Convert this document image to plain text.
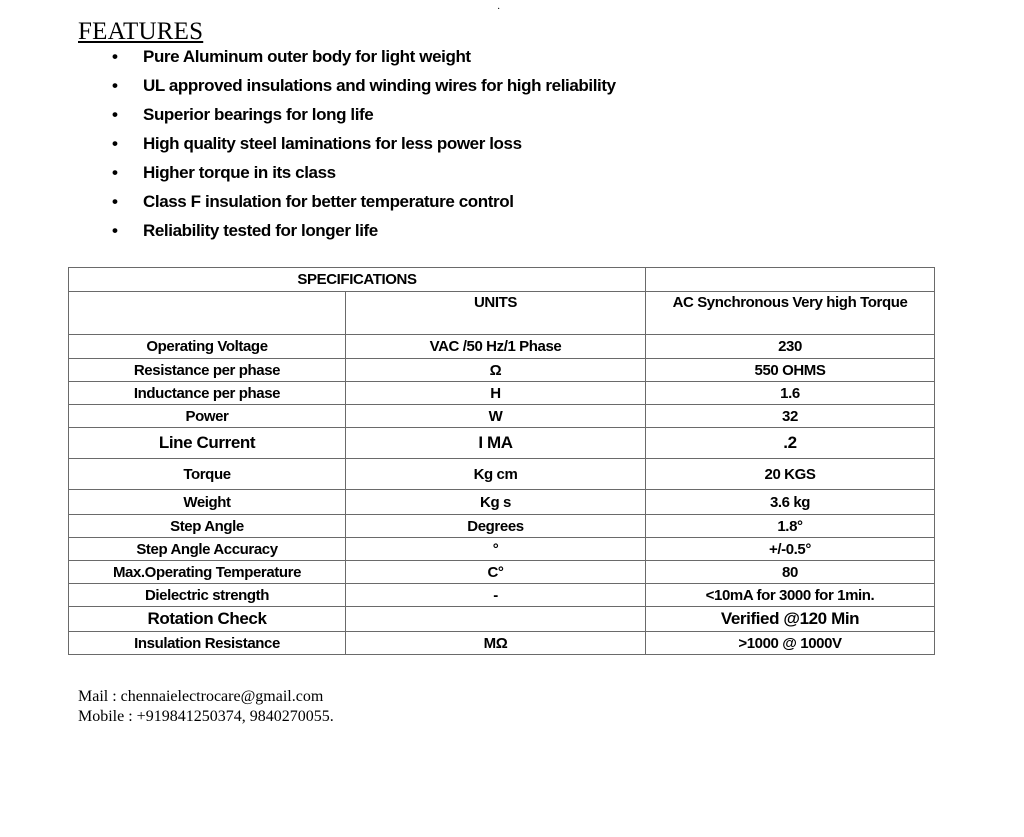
·
FEATURES
• Pure Aluminum outer body for light weight
• UL approved insulations and winding wires for high reliability
• Superior bearings for long life
• High quality steel laminations for less power loss
• Higher torque in its class
• Class F insulation for better temperature control
• Reliability tested for longer life
SPECIFICATIONS		
	UNITS	AC Synchronous Very high Torque
Operating Voltage	VAC /50 Hz/1 Phase	230
Resistance per phase	Ω	550 OHMS
Inductance per phase	H	1.6
Power	W	32
Line Current	I MA	.2
Torque	Kg cm	20 KGS
Weight	Kg s	3.6 kg
Step Angle	Degrees	1.8°
Step Angle Accuracy	°	+/-0.5°
Max.Operating Temperature	C°	80
Dielectric strength	-	<10mA for 3000 for 1min.
Rotation Check		Verified @120 Min
Insulation Resistance	MΩ	>1000 @ 1000V
Mail : chennaielectrocare@gmail.com
Mobile : +919841250374, 9840270055.
